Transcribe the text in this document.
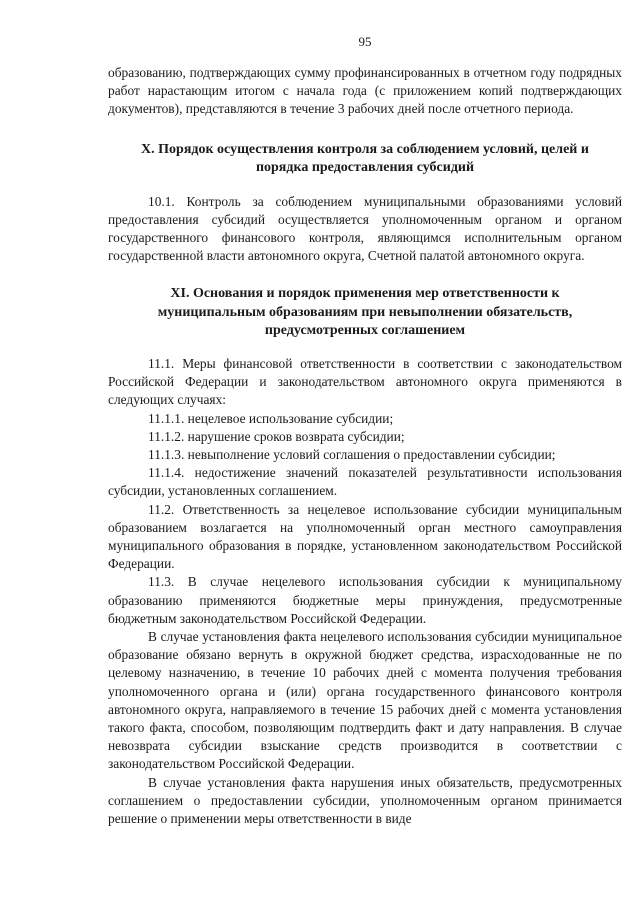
95

образованию, подтверждающих сумму профинансированных в отчетном году подрядных работ нарастающим итогом с начала года (с приложением копий подтверждающих документов), представляются в течение 3 рабочих дней после отчетного периода.

X. Порядок осуществления контроля за соблюдением условий, целей и
порядка предоставления субсидий

10.1. Контроль за соблюдением муниципальными образованиями условий предоставления субсидий осуществляется уполномоченным органом и органом государственного финансового контроля, являющимся исполнительным органом государственной власти автономного округа, Счетной палатой автономного округа.

XI. Основания и порядок применения мер ответственности к
муниципальным образованиям при невыполнении обязательств,
предусмотренных соглашением

11.1. Меры финансовой ответственности в соответствии с законодательством Российской Федерации и законодательством автономного округа применяются в следующих случаях:

11.1.1. нецелевое использование субсидии;

11.1.2. нарушение сроков возврата субсидии;

11.1.3. невыполнение условий соглашения о предоставлении субсидии;

11.1.4. недостижение значений показателей результативности использования субсидии, установленных соглашением.

11.2. Ответственность за нецелевое использование субсидии муниципальным образованием возлагается на уполномоченный орган местного самоуправления муниципального образования в порядке, установленном законодательством Российской Федерации.

11.3. В случае нецелевого использования субсидии к муниципальному образованию применяются бюджетные меры принуждения, предусмотренные бюджетным законодательством Российской Федерации.

В случае установления факта нецелевого использования субсидии муниципальное образование обязано вернуть в окружной бюджет средства, израсходованные не по целевому назначению, в течение 10 рабочих дней с момента получения требования уполномоченного органа и (или) органа государственного финансового контроля автономного округа, направляемого в течение 15 рабочих дней с момента установления такого факта, способом, позволяющим подтвердить факт и дату направления. В случае невозврата субсидии взыскание средств производится в соответствии с законодательством Российской Федерации.

В случае установления факта нарушения иных обязательств, предусмотренных соглашением о предоставлении субсидии, уполномоченным органом принимается решение о применении меры ответственности в виде
